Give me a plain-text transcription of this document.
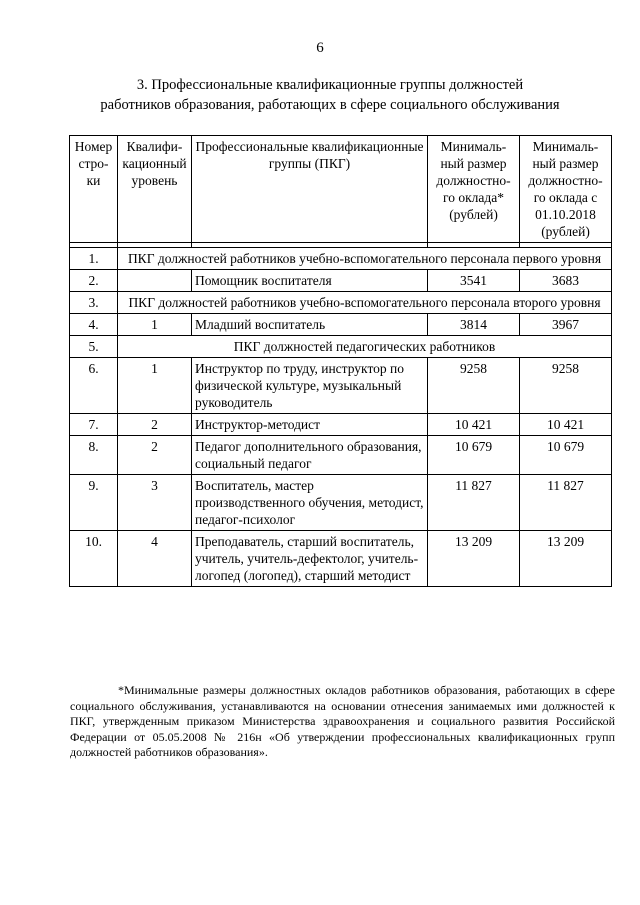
6
3. Профессиональные квалификационные группы должностей
работников образования, работающих в сфере социального обслуживания
Номер стро-ки	Квалифи-кационный уровень	Профессиональные квалификационные группы (ПКГ)	Минималь-ный размер должностно-го оклада* (рублей)	Минималь-ный размер должностно-го оклада с 01.10.2018 (рублей)

1.	ПКГ должностей работников учебно-вспомогательного персонала первого уровня			
2.		Помощник воспитателя	3541	3683
3.	ПКГ должностей работников учебно-вспомогательного персонала второго уровня			
4.	1	Младший воспитатель	3814	3967
5.	ПКГ должностей педагогических работников			
6.	1	Инструктор по труду, инструктор по физической культуре, музыкальный руководитель	9258	9258
7.	2	Инструктор-методист	10 421	10 421
8.	2	Педагог дополнительного образования, социальный педагог	10 679	10 679
9.	3	Воспитатель, мастер производственного обучения, методист, педагог-психолог	11 827	11 827
10.	4	Преподаватель, старший воспитатель, учитель, учитель-дефектолог, учитель-логопед (логопед), старший методист	13 209	13 209
*Минимальные размеры должностных окладов работников образования, работающих в сфере социального обслуживания, устанавливаются на основании отнесения занимаемых ими должностей к ПКГ, утвержденным приказом Министерства здравоохранения и социального развития Российской Федерации от 05.05.2008 № 216н «Об утверждении профессиональных квалификационных групп должностей работников образования».
